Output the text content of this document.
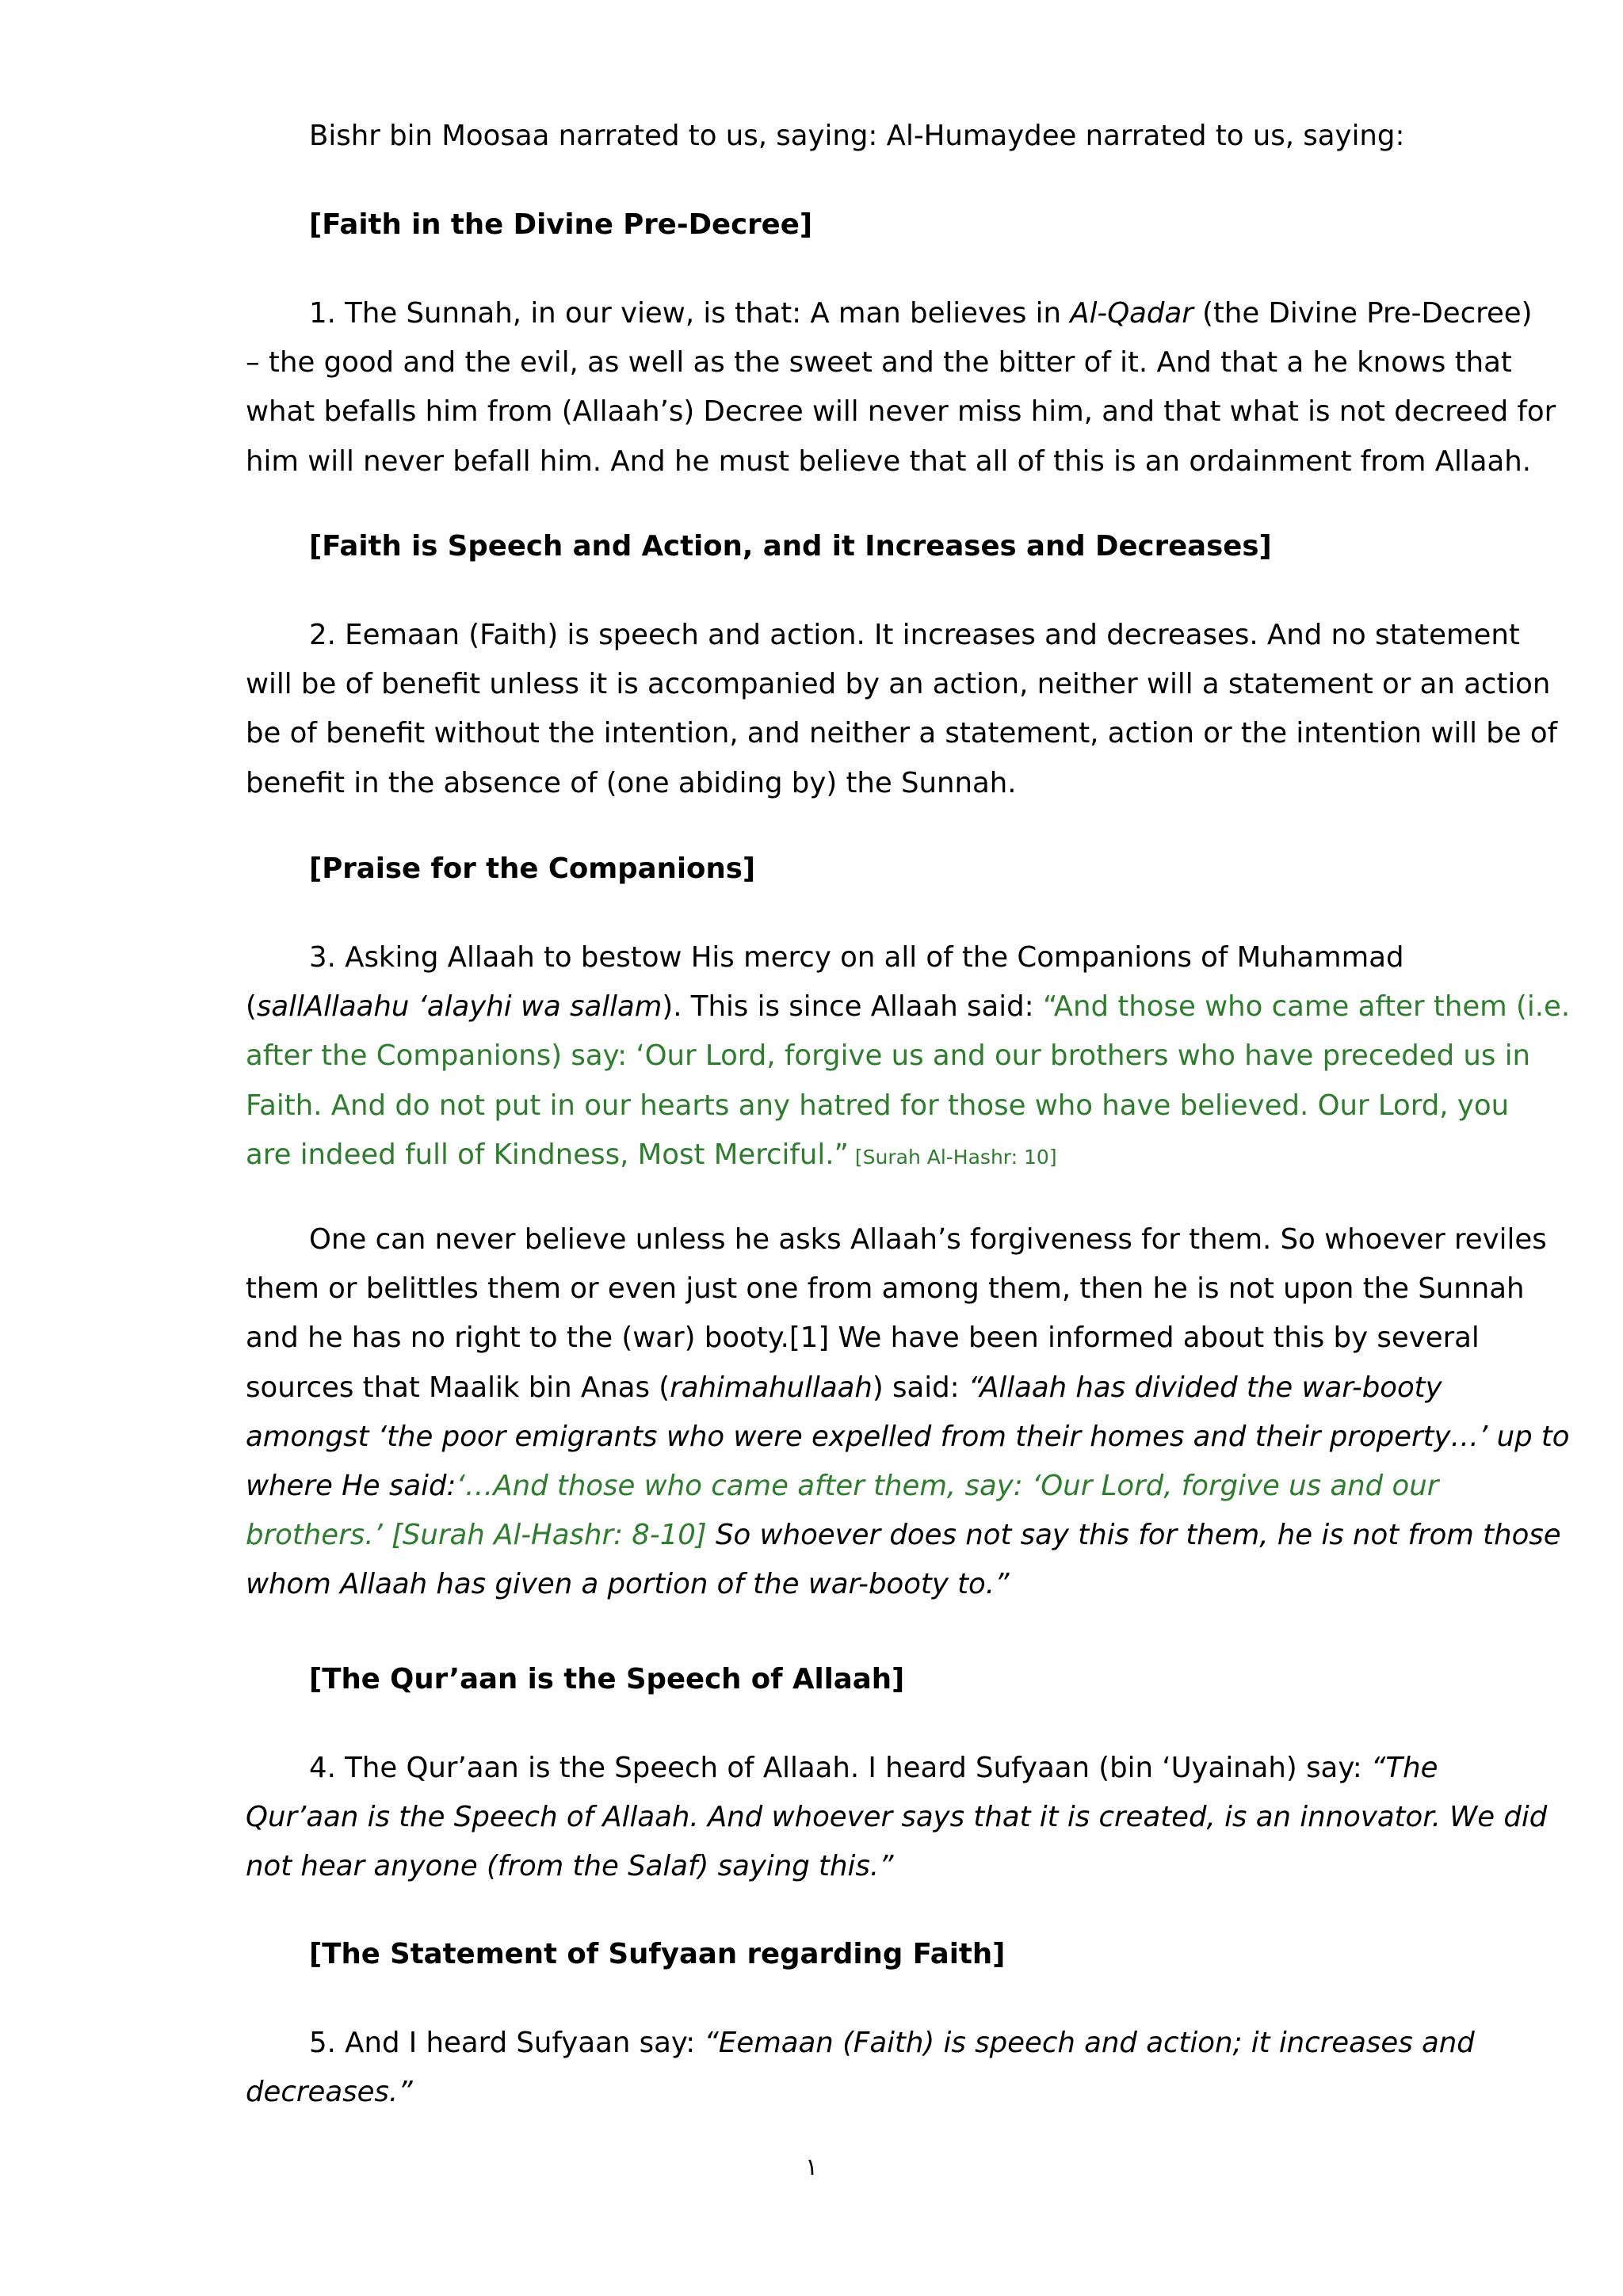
Bishr bin Moosaa narrated to us, saying: Al-Humaydee narrated to us, saying:

[Faith in the Divine Pre-Decree]

1. The Sunnah, in our view, is that: A man believes in Al-Qadar (the Divine Pre-Decree)
– the good and the evil, as well as the sweet and the bitter of it. And that a he knows that
what befalls him from (Allaah’s) Decree will never miss him, and that what is not decreed for
him will never befall him. And he must believe that all of this is an ordainment from Allaah.

[Faith is Speech and Action, and it Increases and Decreases]

2. Eemaan (Faith) is speech and action. It increases and decreases. And no statement
will be of benefit unless it is accompanied by an action, neither will a statement or an action
be of benefit without the intention, and neither a statement, action or the intention will be of
benefit in the absence of (one abiding by) the Sunnah.

[Praise for the Companions]

3. Asking Allaah to bestow His mercy on all of the Companions of Muhammad
(sallAllaahu ‘alayhi wa sallam). This is since Allaah said: “And those who came after them (i.e.
after the Companions) say: ‘Our Lord, forgive us and our brothers who have preceded us in
Faith. And do not put in our hearts any hatred for those who have believed. Our Lord, you
are indeed full of Kindness, Most Merciful.” [Surah Al-Hashr: 10]

One can never believe unless he asks Allaah’s forgiveness for them. So whoever reviles
them or belittles them or even just one from among them, then he is not upon the Sunnah
and he has no right to the (war) booty.[1] We have been informed about this by several
sources that Maalik bin Anas (rahimahullaah) said: “Allaah has divided the war-booty
amongst ‘the poor emigrants who were expelled from their homes and their property…’ up to
where He said:‘…And those who came after them, say: ‘Our Lord, forgive us and our
brothers.’ [Surah Al-Hashr: 8-10] So whoever does not say this for them, he is not from those
whom Allaah has given a portion of the war-booty to.”

[The Qur’aan is the Speech of Allaah]

4. The Qur’aan is the Speech of Allaah. I heard Sufyaan (bin ‘Uyainah) say: “The
Qur’aan is the Speech of Allaah. And whoever says that it is created, is an innovator. We did
not hear anyone (from the Salaf) saying this.”

[The Statement of Sufyaan regarding Faith]

5. And I heard Sufyaan say: “Eemaan (Faith) is speech and action; it increases and
decreases.”

١
